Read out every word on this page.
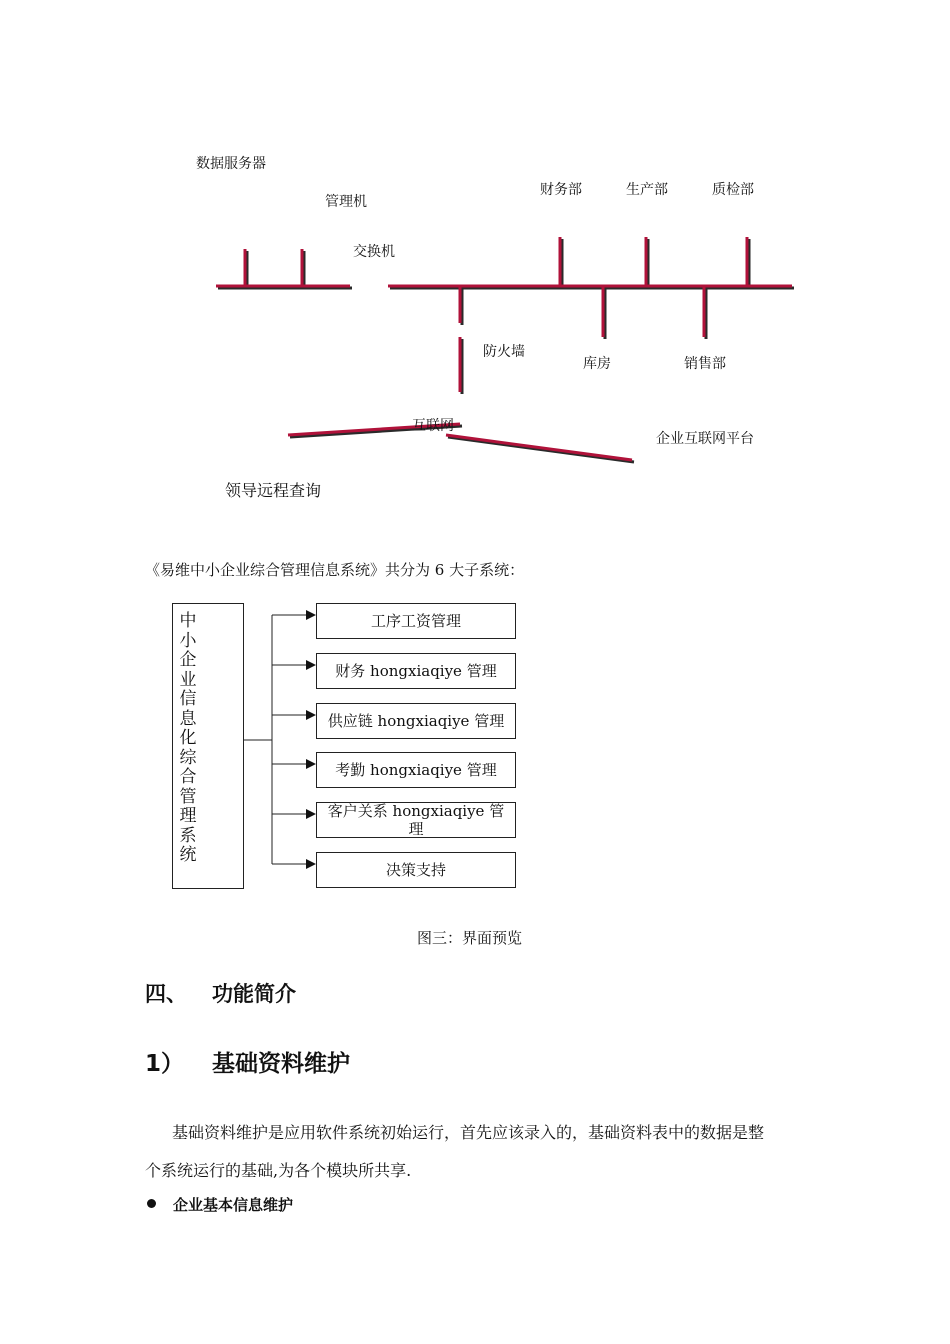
数据服务器
管理机
交换机
财务部	生产部	质检部
防火墙
库房	销售部
互联网
企业互联网平台
领导远程查询
《易维中小企业综合管理信息系统》共分为 6 大子系统：
中小企业信息化综合管理系统
工序工资管理
财务 hongxiaqiye 管理
供应链 hongxiaqiye 管理
考勤 hongxiaqiye 管理
客户关系 hongxiaqiye 管理
决策支持
图三：界面预览
四、 功能简介
1） 基础资料维护
基础资料维护是应用软件系统初始运行，首先应该录入的，基础资料表中的数据是整
个系统运行的基础,为各个模块所共享.
企业基本信息维护
